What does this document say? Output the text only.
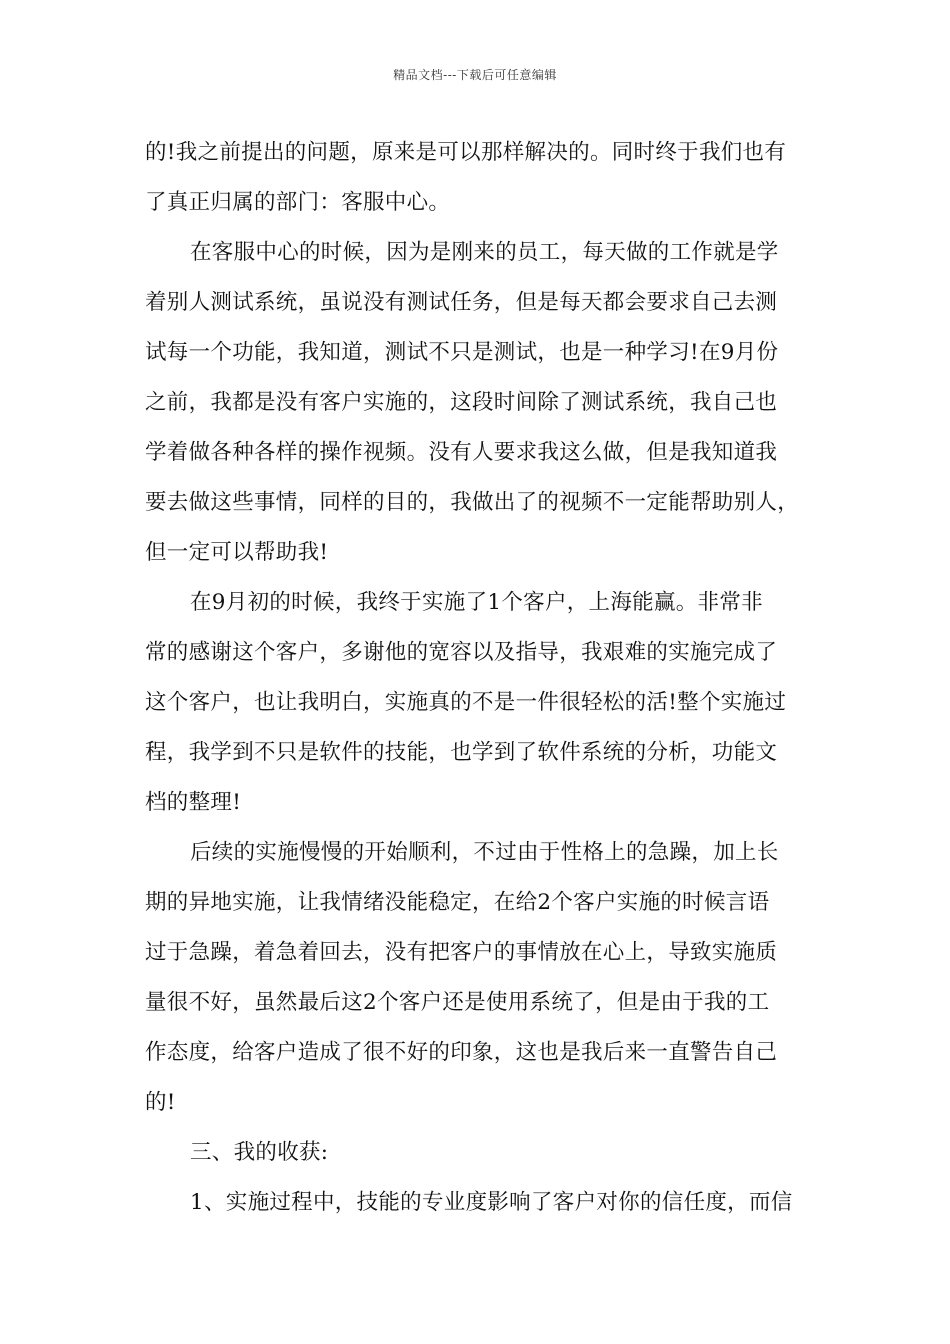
精品文档---下载后可任意编辑
的!我之前提出的问题，原来是可以那样解决的。同时终于我们也有
了真正归属的部门：客服中心。
在客服中心的时候，因为是刚来的员工，每天做的工作就是学
着别人测试系统，虽说没有测试任务，但是每天都会要求自己去测
试每一个功能，我知道，测试不只是测试，也是一种学习!在9月份
之前，我都是没有客户实施的，这段时间除了测试系统，我自己也
学着做各种各样的操作视频。没有人要求我这么做，但是我知道我
要去做这些事情，同样的目的，我做出了的视频不一定能帮助别人，
但一定可以帮助我!
在9月初的时候，我终于实施了1个客户，上海能赢。非常非
常的感谢这个客户，多谢他的宽容以及指导，我艰难的实施完成了
这个客户，也让我明白，实施真的不是一件很轻松的活!整个实施过
程，我学到不只是软件的技能，也学到了软件系统的分析，功能文
档的整理!
后续的实施慢慢的开始顺利，不过由于性格上的急躁，加上长
期的异地实施，让我情绪没能稳定，在给2个客户实施的时候言语
过于急躁，着急着回去，没有把客户的事情放在心上，导致实施质
量很不好，虽然最后这2个客户还是使用系统了，但是由于我的工
作态度，给客户造成了很不好的印象，这也是我后来一直警告自己
的!
三、我的收获:
1、实施过程中，技能的专业度影响了客户对你的信任度，而信
